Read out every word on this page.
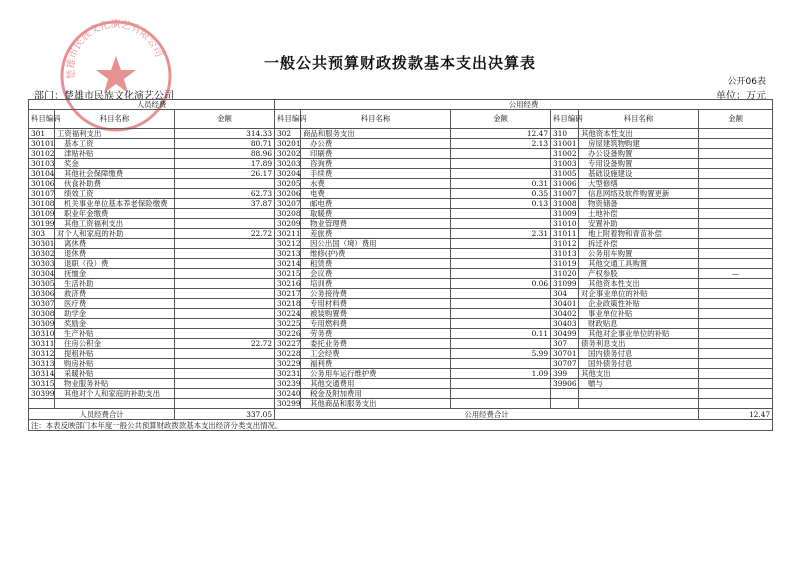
楚雄市民族文化演艺有限公司
一般公共预算财政拨款基本支出决算表
公开06表
部门：楚雄市民族文化演艺公司	单位：万元
人员经费			公用经费					
科目编码	科目名称	金额	科目编码	科目名称	金额	科目编码	科目名称	金额
301	工资福利支出	314.33	302	商品和服务支出	12.47	310	其他资本性支出	
30101	基本工资	80.71	30201	办公费	2.13	31001	房屋建筑物购建	
30102	津贴补贴	88.96	30202	印刷费		31002	办公设备购置	
30103	奖金	17.89	30203	咨询费		31003	专用设备购置	
30104	其他社会保障缴费	26.17	30204	手续费		31005	基础设施建设	
30106	伙食补助费		30205	水费	0.31	31006	大型修缮	
30107	绩效工资	62.73	30206	电费	0.35	31007	信息网络及软件购置更新	
30108	机关事业单位基本养老保险缴费	37.87	30207	邮电费	0.13	31008	物资储备	
30109	职业年金缴费		30208	取暖费		31009	土地补偿	
30199	其他工资福利支出		30209	物业管理费		31010	安置补助	
303	对个人和家庭的补助	22.72	30211	差旅费	2.31	31011	地上附着物和青苗补偿	
30301	离休费		30212	因公出国（境）费用		31012	拆迁补偿	
30302	退休费		30213	维修(护)费		31013	公务用车购置	
30303	退职（役）费		30214	租赁费		31019	其他交通工具购置	
30304	抚恤金		30215	会议费		31020	产权参股	—
30305	生活补助		30216	培训费	0.06	31099	其他资本性支出	
30306	救济费		30217	公务接待费		304	对企事业单位的补贴	
30307	医疗费		30218	专用材料费		30401	企业政策性补贴	
30308	助学金		30224	被装购置费		30402	事业单位补贴	
30309	奖励金		30225	专用燃料费		30403	财政贴息	
30310	生产补贴		30226	劳务费	0.11	30499	其他对企事业单位的补贴	
30311	住房公积金	22.72	30227	委托业务费		307	债务利息支出	
30312	提租补贴		30228	工会经费	5.99	30701	国内债务付息	
30313	购房补贴		30229	福利费		30707	国外债务付息	
30314	采暖补贴		30231	公务用车运行维护费	1.09	399	其他支出	
30315	物业服务补贴		30239	其他交通费用		39906	赠与	
30399	其他对个人和家庭的补助支出		30240	税金及附加费用				
			30299	其他商品和服务支出				
人员经费合计		337.05	公用经费合计					12.47
注：本表反映部门本年度一般公共预算财政拨款基本支出经济分类支出情况。								
